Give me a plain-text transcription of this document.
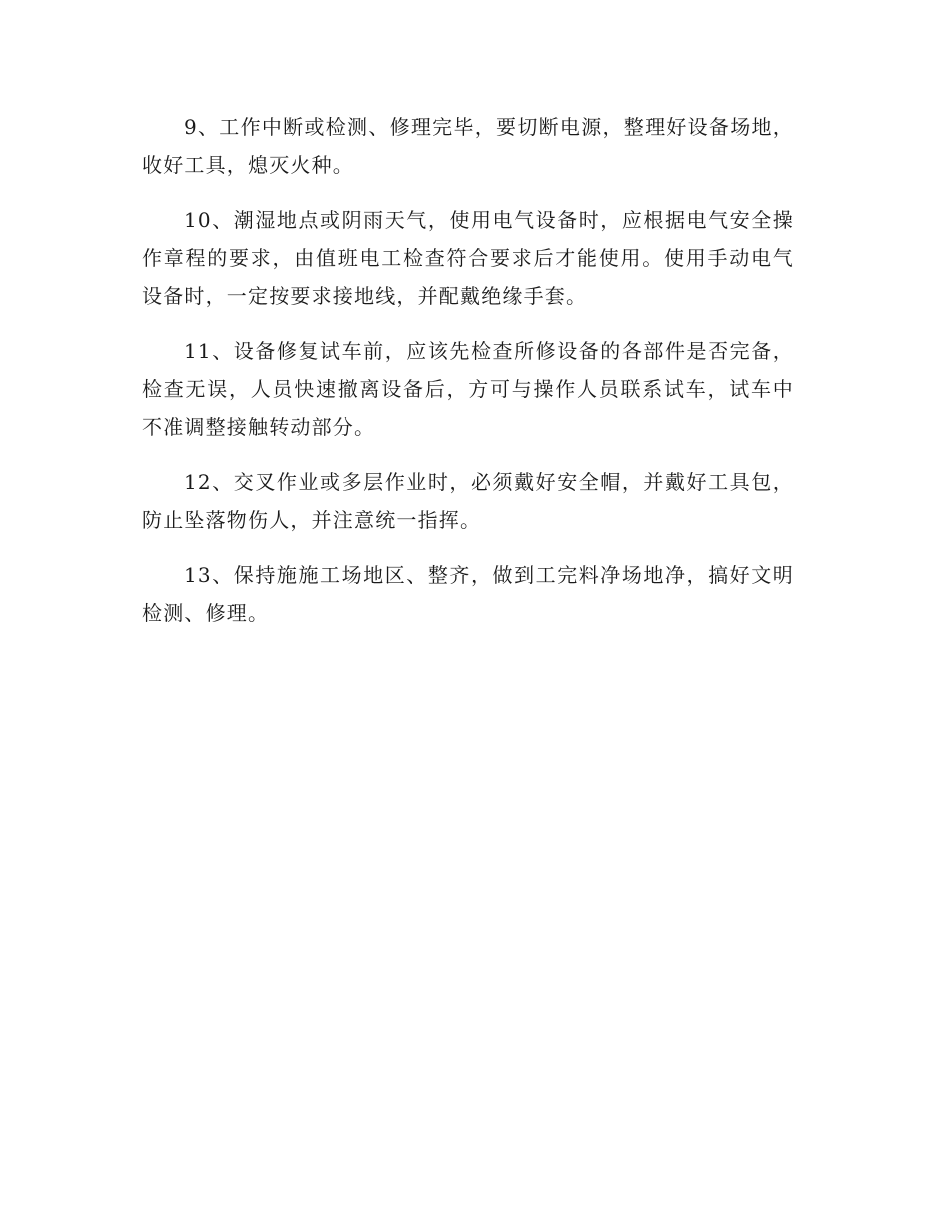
9、工作中断或检测、修理完毕，要切断电源，整理好设备场地，收好工具，熄灭火种。

10、潮湿地点或阴雨天气，使用电气设备时，应根据电气安全操作章程的要求，由值班电工检查符合要求后才能使用。使用手动电气设备时，一定按要求接地线，并配戴绝缘手套。

11、设备修复试车前，应该先检查所修设备的各部件是否完备，检查无误，人员快速撤离设备后，方可与操作人员联系试车，试车中不准调整接触转动部分。

12、交叉作业或多层作业时，必须戴好安全帽，并戴好工具包，防止坠落物伤人，并注意统一指挥。

13、保持施施工场地区、整齐，做到工完料净场地净，搞好文明检测、修理。
